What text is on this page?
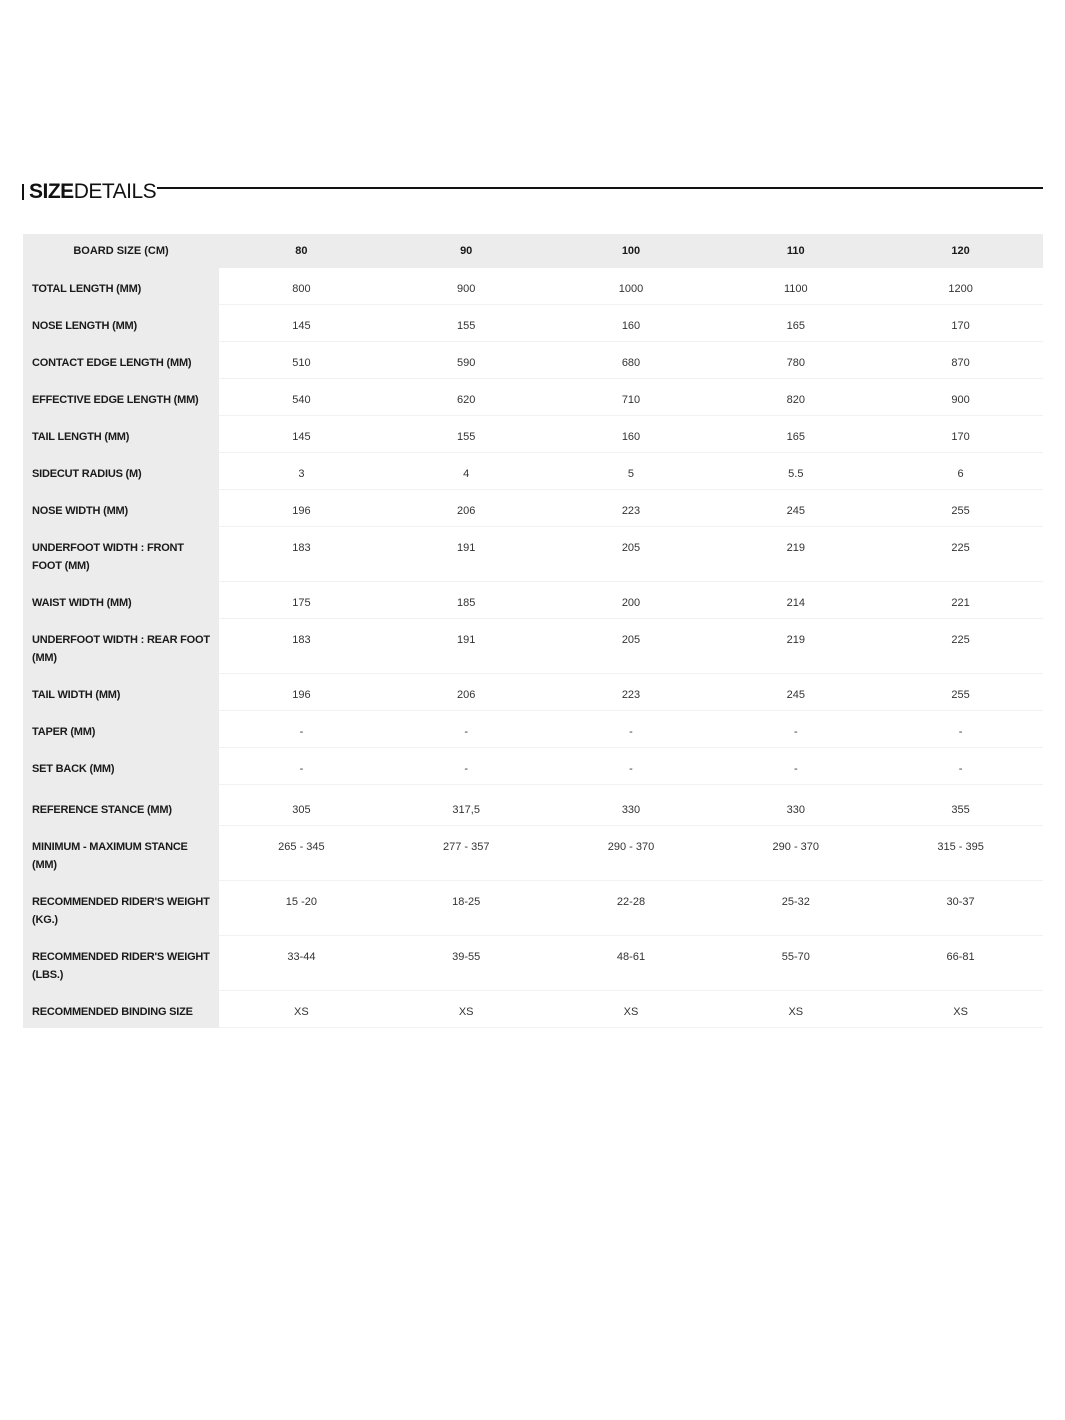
SIZE DETAILS
BOARD SIZE (CM)	80	90	100	110	120
TOTAL LENGTH (MM)	800	900	1000	1100	1200
NOSE LENGTH (MM)	145	155	160	165	170
CONTACT EDGE LENGTH (MM)	510	590	680	780	870
EFFECTIVE EDGE LENGTH (MM)	540	620	710	820	900
TAIL LENGTH (MM)	145	155	160	165	170
SIDECUT RADIUS (M)	3	4	5	5.5	6
NOSE WIDTH (MM)	196	206	223	245	255
UNDERFOOT WIDTH : FRONT FOOT (MM)	183	191	205	219	225
WAIST WIDTH (MM)	175	185	200	214	221
UNDERFOOT WIDTH : REAR FOOT (MM)	183	191	205	219	225
TAIL WIDTH (MM)	196	206	223	245	255
TAPER (MM)	-	-	-	-	-
SET BACK (MM)	-	-	-	-	-

REFERENCE STANCE (MM)	305	317,5	330	330	355
MINIMUM - MAXIMUM STANCE (MM)	265 - 345	277 - 357	290 - 370	290 - 370	315 - 395
RECOMMENDED RIDER'S WEIGHT (KG.)	15 -20	18-25	22-28	25-32	30-37
RECOMMENDED RIDER'S WEIGHT (LBS.)	33-44	39-55	48-61	55-70	66-81
RECOMMENDED BINDING SIZE	XS	XS	XS	XS	XS
